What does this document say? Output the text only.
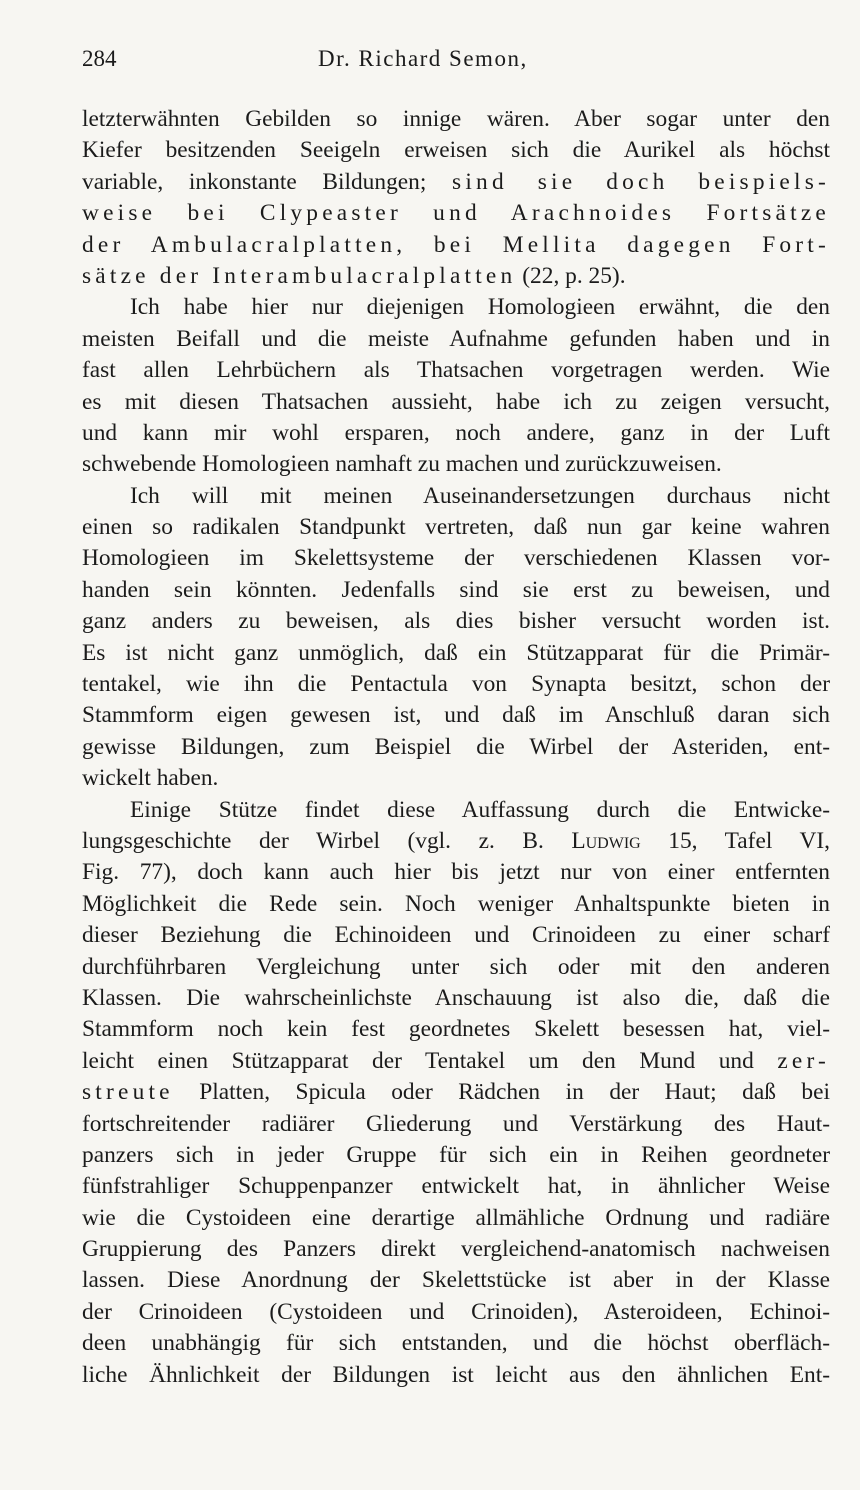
284	Dr. Richard Semon,
letzterwähnten Gebilden so innige wären. Aber sogar unter den
Kiefer besitzenden Seeigeln erweisen sich die Aurikel als höchst
variable, inkonstante Bildungen; sind sie doch beispiels-
weise bei Clypeaster und Arachnoides Fortsätze
der Ambulacralplatten, bei Mellita dagegen Fort-
sätze der Interambulacralplatten (22, p. 25).
Ich habe hier nur diejenigen Homologieen erwähnt, die den
meisten Beifall und die meiste Aufnahme gefunden haben und in
fast allen Lehrbüchern als Thatsachen vorgetragen werden. Wie
es mit diesen Thatsachen aussieht, habe ich zu zeigen versucht,
und kann mir wohl ersparen, noch andere, ganz in der Luft
schwebende Homologieen namhaft zu machen und zurückzuweisen.
Ich will mit meinen Auseinandersetzungen durchaus nicht
einen so radikalen Standpunkt vertreten, daß nun gar keine wahren
Homologieen im Skelettsysteme der verschiedenen Klassen vor-
handen sein könnten. Jedenfalls sind sie erst zu beweisen, und
ganz anders zu beweisen, als dies bisher versucht worden ist.
Es ist nicht ganz unmöglich, daß ein Stützapparat für die Primär-
tentakel, wie ihn die Pentactula von Synapta besitzt, schon der
Stammform eigen gewesen ist, und daß im Anschluß daran sich
gewisse Bildungen, zum Beispiel die Wirbel der Asteriden, ent-
wickelt haben.
Einige Stütze findet diese Auffassung durch die Entwicke-
lungsgeschichte der Wirbel (vgl. z. B. Ludwig 15, Tafel VI,
Fig. 77), doch kann auch hier bis jetzt nur von einer entfernten
Möglichkeit die Rede sein. Noch weniger Anhaltspunkte bieten in
dieser Beziehung die Echinoideen und Crinoideen zu einer scharf
durchführbaren Vergleichung unter sich oder mit den anderen
Klassen. Die wahrscheinlichste Anschauung ist also die, daß die
Stammform noch kein fest geordnetes Skelett besessen hat, viel-
leicht einen Stützapparat der Tentakel um den Mund und zer-
streute Platten, Spicula oder Rädchen in der Haut; daß bei
fortschreitender radiärer Gliederung und Verstärkung des Haut-
panzers sich in jeder Gruppe für sich ein in Reihen geordneter
fünfstrahliger Schuppenpanzer entwickelt hat, in ähnlicher Weise
wie die Cystoideen eine derartige allmähliche Ordnung und radiäre
Gruppierung des Panzers direkt vergleichend-anatomisch nachweisen
lassen. Diese Anordnung der Skelettstücke ist aber in der Klasse
der Crinoideen (Cystoideen und Crinoiden), Asteroideen, Echinoi-
deen unabhängig für sich entstanden, und die höchst oberfläch-
liche Ähnlichkeit der Bildungen ist leicht aus den ähnlichen Ent-
